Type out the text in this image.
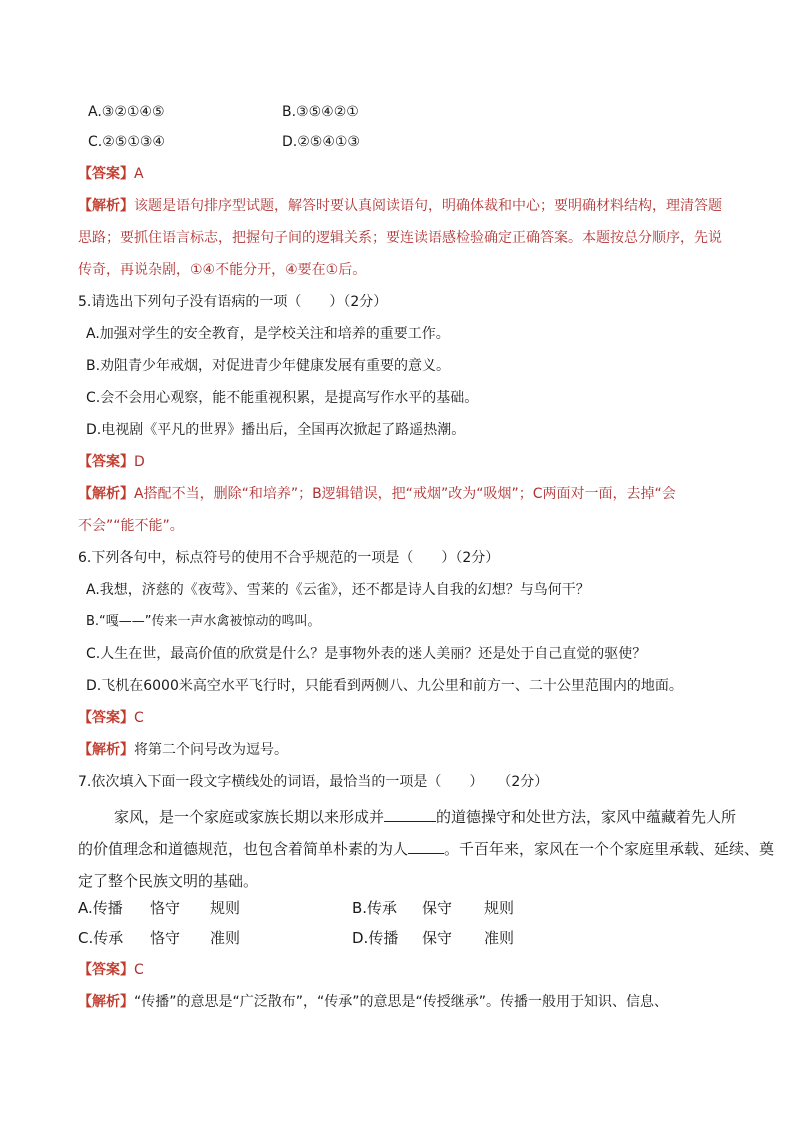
A.③②①④⑤	B.③⑤④②①
C.②⑤①③④	D.②⑤④①③
【答案】A
【解析】该题是语句排序型试题，解答时要认真阅读语句，明确体裁和中心；要明确材料结构，理清答题
思路；要抓住语言标志，把握句子间的逻辑关系；要连读语感检验确定正确答案。本题按总分顺序，先说
传奇，再说杂剧，①④不能分开，④要在①后。
5.请选出下列句子没有语病的一项（　　）（2分）
A.加强对学生的安全教育，是学校关注和培养的重要工作。
B.劝阻青少年戒烟，对促进青少年健康发展有重要的意义。
C.会不会用心观察，能不能重视积累，是提高写作水平的基础。
D.电视剧《平凡的世界》播出后，全国再次掀起了路遥热潮。
【答案】D
【解析】A搭配不当，删除“和培养”；B逻辑错误，把“戒烟”改为“吸烟”；C两面对一面，去掉“会
不会”“能不能”。
6.下列各句中，标点符号的使用不合乎规范的一项是（　　）（2分）
A.我想，济慈的《夜莺》、雪莱的《云雀》，还不都是诗人自我的幻想？与鸟何干？
B.“嘎——”传来一声水禽被惊动的鸣叫。
C.人生在世，最高价值的欣赏是什么？是事物外表的迷人美丽？还是处于自己直觉的驱使？
D.飞机在6000米高空水平飞行时，只能看到两侧八、九公里和前方一、二十公里范围内的地面。
【答案】C
【解析】将第二个问号改为逗号。
7.依次填入下面一段文字横线处的词语，最恰当的一项是（　　）　　（2分）
家风，是一个家庭或家族长期以来形成并	的道德操守和处世方法，家风中蕴藏着先人所
的价值理念和道德规范，也包含着简单朴素的为人 。千百年来，家风在一个个家庭里承载、延续、奠
定了整个民族文明的基础。
A.传播 恪守 规则	B.传承 保守 规则
C.传承 恪守 准则	D.传播 保守 准则
【答案】C
【解析】“传播”的意思是“广泛散布”，“传承”的意思是“传授继承”。传播一般用于知识、信息、
